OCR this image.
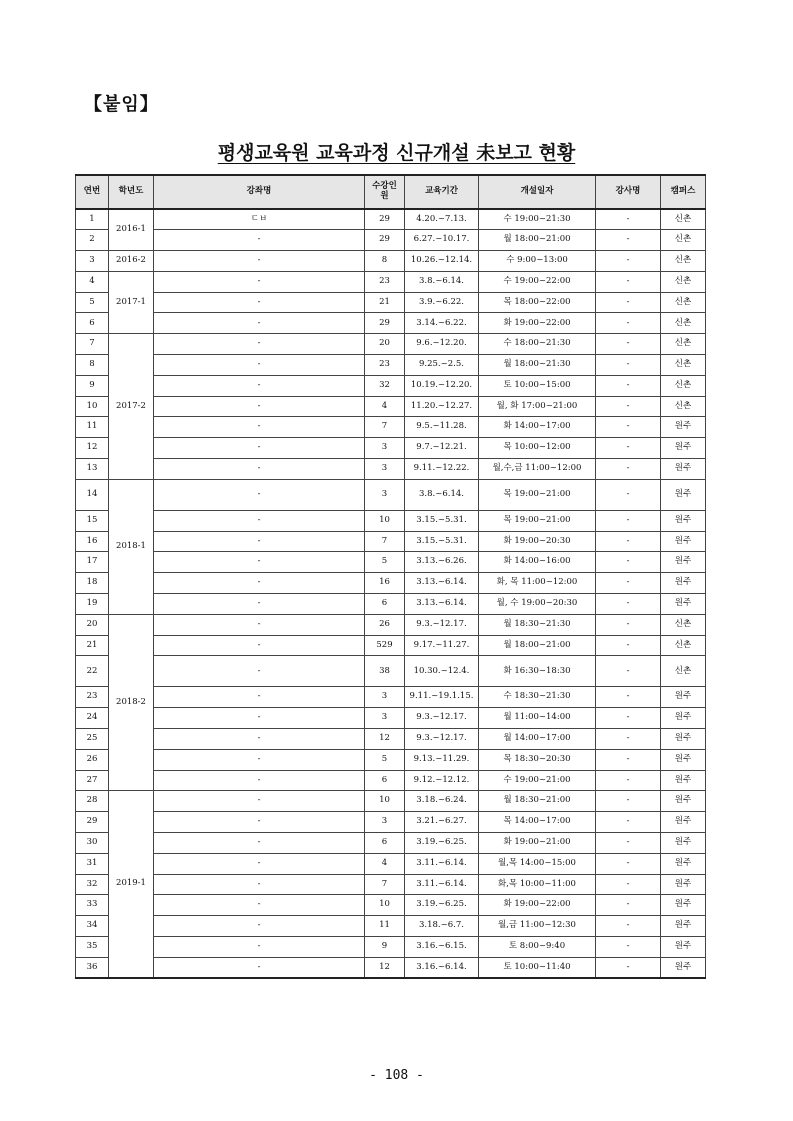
【붙임】
평생교육원 교육과정 신규개설 未보고 현황
연번	학년도	강좌명	수강인원	교육기간	개설일자	강사명	캠퍼스
1	2016-1	ㄷㅂ	29	4.20.~7.13.	수 19:00~21:30	-	신촌
2		-	29	6.27.~10.17.	월 18:00~21:00	-	신촌
3	2016-2	-	8	10.26.~12.14.	수 9:00~13:00	-	신촌
4	2017-1	-	23	3.8.~6.14.	수 19:00~22:00	-	신촌
5		-	21	3.9.~6.22.	목 18:00~22:00	-	신촌
6		-	29	3.14.~6.22.	화 19:00~22:00	-	신촌
7	2017-2	-	20	9.6.~12.20.	수 18:00~21:30	-	신촌
8		-	23	9.25.~2.5.	월 18:00~21:30	-	신촌
9		-	32	10.19.~12.20.	토 10:00~15:00	-	신촌
10		-	4	11.20.~12.27.	월, 화 17:00~21:00	-	신촌
11		-	7	9.5.~11.28.	화 14:00~17:00	-	원주
12		-	3	9.7.~12.21.	목 10:00~12:00	-	원주
13		-	3	9.11.~12.22.	월,수,금 11:00~12:00	-	원주
14	2018-1	-	3	3.8.~6.14.	목 19:00~21:00	-	원주
15		-	10	3.15.~5.31.	목 19:00~21:00	-	원주
16		-	7	3.15.~5.31.	화 19:00~20:30	-	원주
17		-	5	3.13.~6.26.	화 14:00~16:00	-	원주
18		-	16	3.13.~6.14.	화, 목 11:00~12:00	-	원주
19		-	6	3.13.~6.14.	월, 수 19:00~20:30	-	원주
20	2018-2	-	26	9.3.~12.17.	월 18:30~21:30	-	신촌
21		-	529	9.17.~11.27.	월 18:00~21:00	-	신촌
22		-	38	10.30.~12.4.	화 16:30~18:30	-	신촌
23		-	3	9.11.~19.1.15.	수 18:30~21:30	-	원주
24		-	3	9.3.~12.17.	월 11:00~14:00	-	원주
25		-	12	9.3.~12.17.	월 14:00~17:00	-	원주
26		-	5	9.13.~11.29.	목 18:30~20:30	-	원주
27		-	6	9.12.~12.12.	수 19:00~21:00	-	원주
28	2019-1	-	10	3.18.~6.24.	월 18:30~21:00	-	원주
29		-	3	3.21.~6.27.	목 14:00~17:00	-	원주
30		-	6	3.19.~6.25.	화 19:00~21:00	-	원주
31		-	4	3.11.~6.14.	월,목 14:00~15:00	-	원주
32		-	7	3.11.~6.14.	화,목 10:00~11:00	-	원주
33		-	10	3.19.~6.25.	화 19:00~22:00	-	원주
34		-	11	3.18.~6.7.	월,금 11:00~12:30	-	원주
35		-	9	3.16.~6.15.	토 8:00~9:40	-	원주
36		-	12	3.16.~6.14.	토 10:00~11:40	-	원주
- 108 -
